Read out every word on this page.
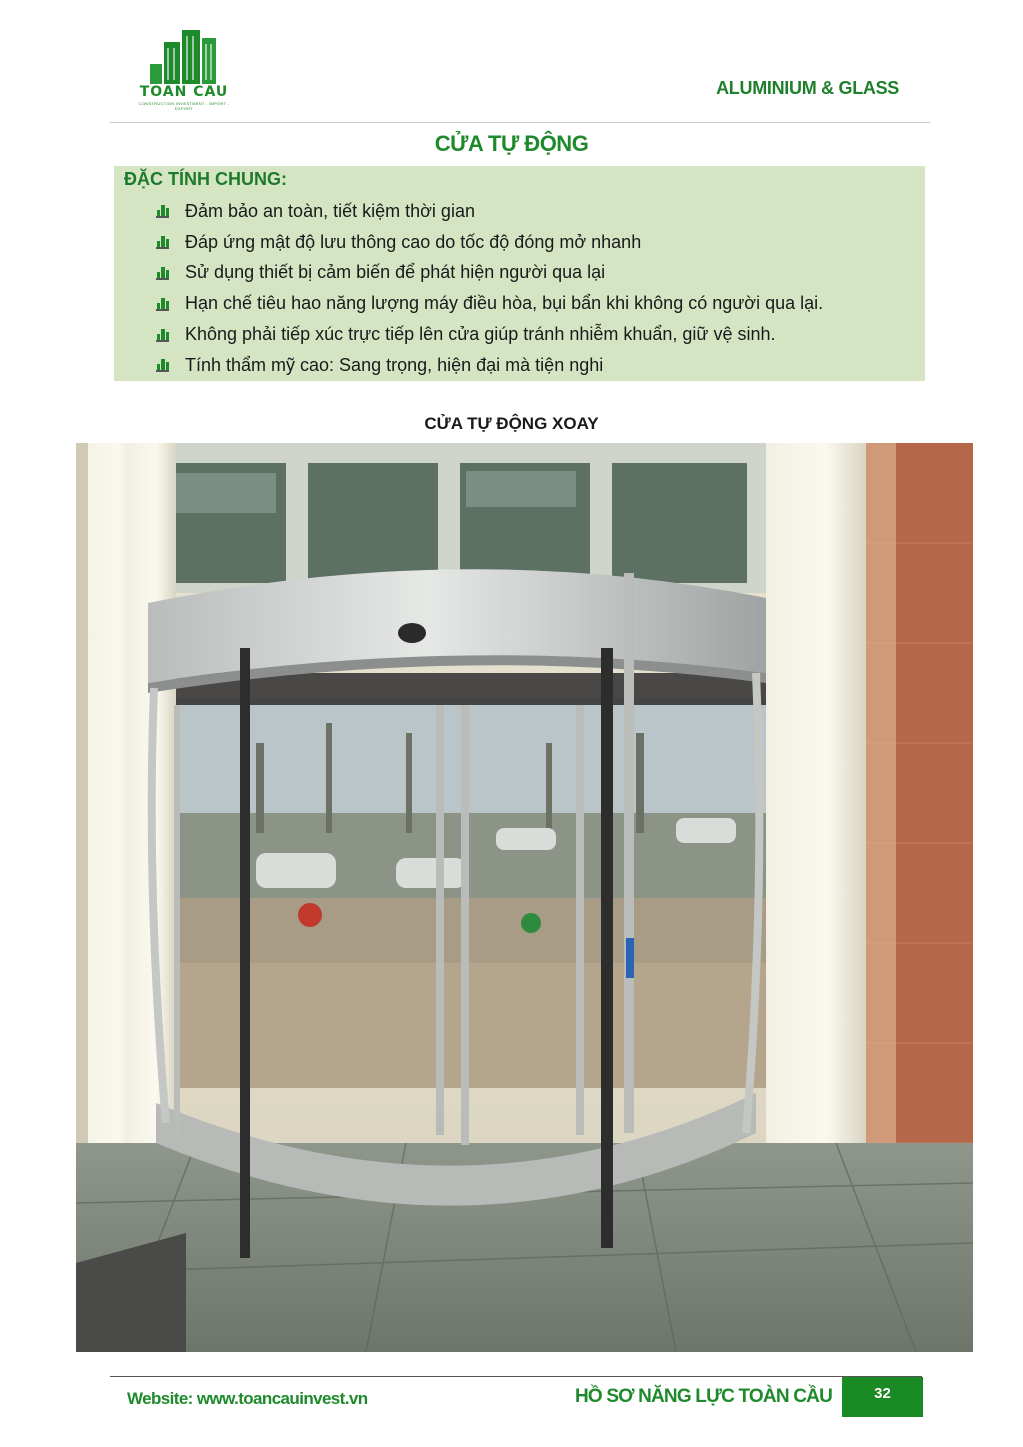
TOAN CAU
CONSTRUCTION INVESTMENT - IMPORT - EXPORT
ALUMINIUM & GLASS
CỬA TỰ ĐỘNG
ĐẶC TÍNH CHUNG:
Đảm bảo an toàn, tiết kiệm thời gian
Đáp ứng mật độ lưu thông cao do tốc độ đóng mở nhanh
Sử dụng thiết bị cảm biến để phát hiện người qua lại
Hạn chế tiêu hao năng lượng máy điều hòa, bụi bẩn khi không có người qua lại.
Không phải tiếp xúc trực tiếp lên cửa giúp tránh nhiễm khuẩn, giữ vệ sinh.
Tính thẩm mỹ cao: Sang trọng, hiện đại mà tiện nghi
CỬA TỰ ĐỘNG XOAY
Website: www.toancauinvest.vn	HỒ SƠ NĂNG LỰC TOÀN CẦU	32
